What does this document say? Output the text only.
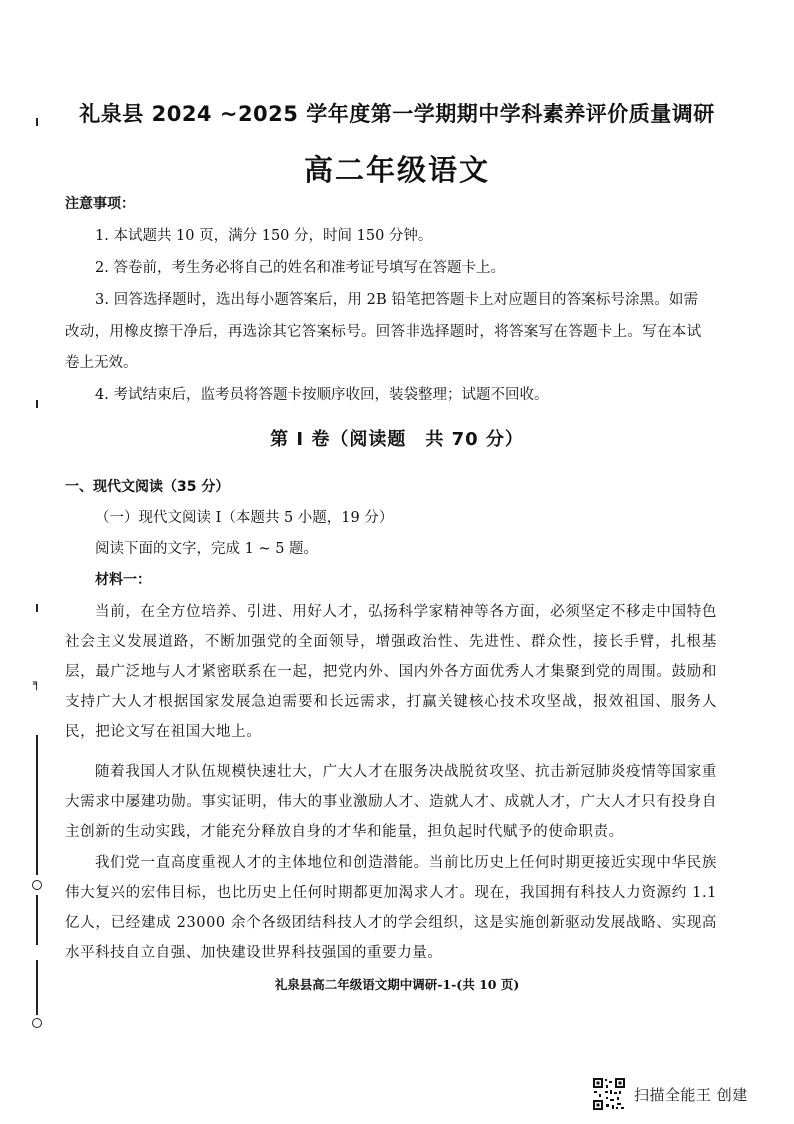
╕
礼泉县 2024 ~2025 学年度第一学期期中学科素养评价质量调研
高二年级语文
注意事项：
1. 本试题共 10 页，满分 150 分，时间 150 分钟。
2. 答卷前，考生务必将自己的姓名和准考证号填写在答题卡上。
3. 回答选择题时，选出每小题答案后，用 2B 铅笔把答题卡上对应题目的答案标号涂黑。如需
改动，用橡皮擦干净后，再选涂其它答案标号。回答非选择题时，将答案写在答题卡上。写在本试
卷上无效。
4. 考试结束后，监考员将答题卡按顺序收回，装袋整理；试题不回收。
第 Ⅰ 卷（阅读题　共 70 分）
一、现代文阅读（35 分）
（一）现代文阅读 Ⅰ（本题共 5 小题，19 分）
阅读下面的文字，完成 1 ~ 5 题。
材料一：
当前，在全方位培养、引进、用好人才，弘扬科学家精神等各方面，必须坚定不移走中国特色社会主义发展道路，不断加强党的全面领导，增强政治性、先进性、群众性，接长手臂，扎根基层，最广泛地与人才紧密联系在一起，把党内外、国内外各方面优秀人才集聚到党的周围。鼓励和支持广大人才根据国家发展急迫需要和长远需求，打赢关键核心技术攻坚战，报效祖国、服务人民，把论文写在祖国大地上。
随着我国人才队伍规模快速壮大，广大人才在服务决战脱贫攻坚、抗击新冠肺炎疫情等国家重大需求中屡建功勋。事实证明，伟大的事业激励人才、造就人才、成就人才，广大人才只有投身自主创新的生动实践，才能充分释放自身的才华和能量，担负起时代赋予的使命职责。
我们党一直高度重视人才的主体地位和创造潜能。当前比历史上任何时期更接近实现中华民族伟大复兴的宏伟目标，也比历史上任何时期都更加渴求人才。现在，我国拥有科技人力资源约 1.1 亿人，已经建成 23000 余个各级团结科技人才的学会组织，这是实施创新驱动发展战略、实现高水平科技自立自强、加快建设世界科技强国的重要力量。
礼泉县高二年级语文期中调研-1-(共 10 页)
扫描全能王 创建
